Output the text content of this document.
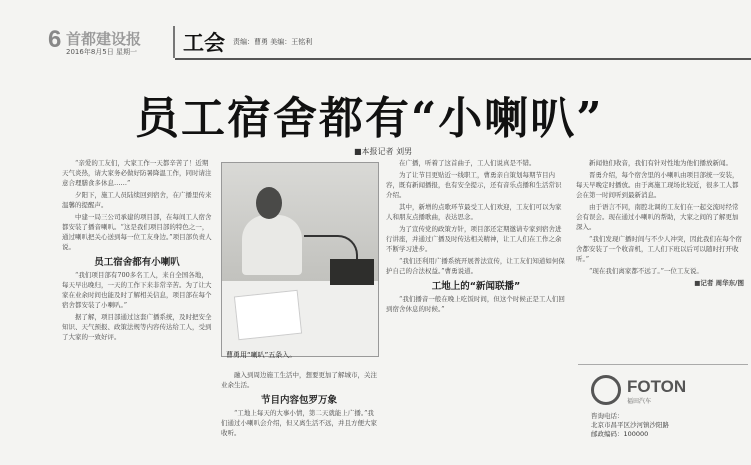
6 首都建设报
2016年8月5日 星期一 工会 责编：曹勇 美编：王铭利
员工宿舍都有“小喇叭”
■本报记者 刘男

“亲爱的工友们，大家工作一天都辛苦了！近期天气炎热，请大家务必做好防暑降温工作，同时请注意合理膳食多休息……”

夕阳下，施工人员陆续回到宿舍，在广播里传来温馨的提醒声。

中建一局三公司承建的项目部，在每间工人宿舍都安装了播音喇叭。“这是我们项目部的特色之一，通过喇叭把关心送到每一位工友身边。”项目部负责人说。

员工宿舍都有小喇叭

“我们项目部有700多名工人，来自全国各地，每天早出晚归，一天的工作下来非常辛苦。为了让大家在业余时间也能及时了解相关信息，项目部在每个宿舍都安装了小喇叭。”

据了解，项目部通过这套广播系统，及时把安全知识、天气预报、政策法规等内容传达给工人，受到了大家的一致好评。

曹勇用“喇叭”五条入。

融入到周边施工生活中，想要更加了解城市，关注业余生活。

节目内容包罗万象

“工地上每天的大事小情，第二天就能上广播。”我们通过小喇叭会介绍，但又离生活不远，并且方便大家收听。

在广播，听着了这首曲子，工人们说真是不错。

为了让节目更贴近一线职工，曹勇亲自策划每期节目内容，既有新闻播报，也有安全提示，还有音乐点播和生活常识介绍。

其中，新增的点歌环节最受工人们欢迎，工友们可以为家人和朋友点播歌曲，表达思念。

为了宣传党的政策方针，项目部还定期邀请专家到宿舍进行讲座，并通过广播及时传达相关精神，让工人们在工作之余不断学习进步。

“我们还利用广播系统开展普法宣传，让工友们知道如何保护自己的合法权益。”曹勇说道。

工地上的“新闻联播”

“我们播音一般在晚上吃饭时间，但这个时候正是工人们回到宿舍休息的时候。”

新闻他们收音，我们有针对性地为他们播放新闻。

晋勇介绍，每个宿舍里的小喇叭由项目部统一安装，每天早晚定时播放。由于离施工现场比较近，很多工人都会在第一时间听到最新消息。

由于语言不同，南腔北调的工友们在一起交流时经常会有误会。现在通过小喇叭的帮助，大家之间的了解更加深入。

“我们发现广播时间与不少人冲突，因此我们在每个宿舍都安装了一个收音机，工人们下班以后可以随时打开收听。”

“现在我们离家都不远了。”一位工友说。

■记者 周华东/图

FOTON
福田汽车
咨询电话：
北京市昌平区沙河镇沙阳路
邮政编码：100000
